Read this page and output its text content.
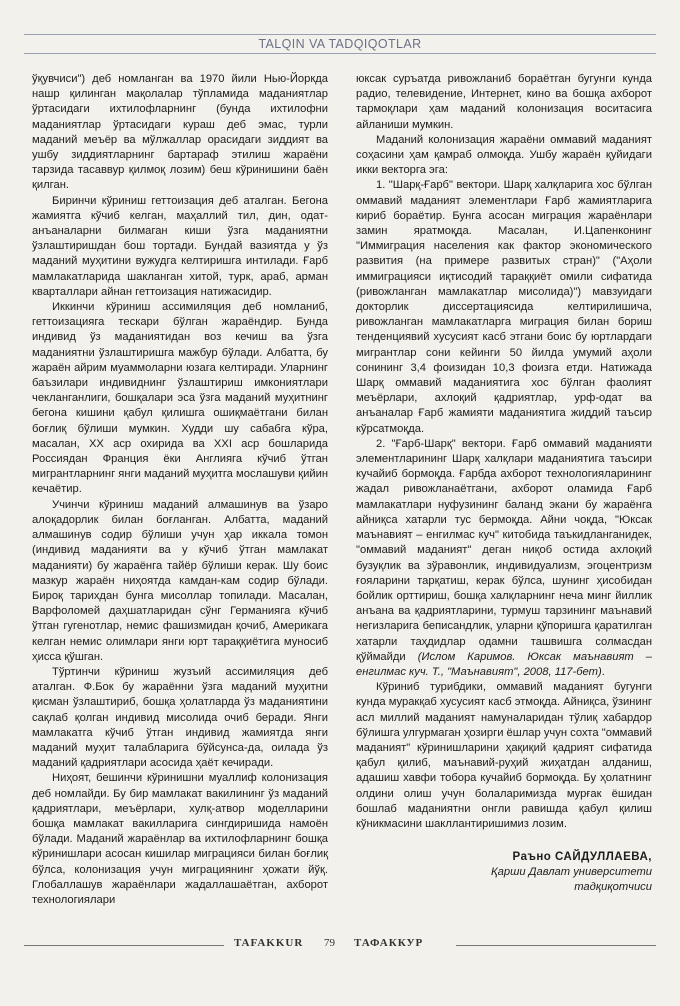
TALQIN VA TADQIQOTLAR

ўқувчиси") деб номланган ва 1970 йили Нью-Йоркда нашр қилинган мақолалар тўпламида маданиятлар ўртасидаги ихтилофларнинг (бунда ихтилофни маданиятлар ўртасидаги кураш деб эмас, турли маданий меъёр ва мўлжаллар орасидаги зиддият ва ушбу зиддиятларнинг бартараф этилиш жараёни тарзида тасаввур қилмоқ лозим) беш кўринишини баён қилган.

Биринчи кўриниш геттоизация деб аталган. Бегона жамиятга кўчиб келган, маҳаллий тил, дин, одат-анъаналарни билмаган киши ўзга маданиятни ўзлаштиришдан бош тортади. Бундай вазиятда у ўз маданий муҳитини вужудга келтиришга интилади. Ғарб мамлакатларида шакланган хитой, турк, араб, арман кварталлари айнан геттоизация натижасидир.

Иккинчи кўриниш ассимиляция деб номланиб, геттоизацияга тескари бўлган жараёндир. Бунда индивид ўз маданиятидан воз кечиш ва ўзга маданиятни ўзлаштиришга мажбур бўлади. Албатта, бу жараён айрим муаммоларни юзага келтиради. Уларнинг баъзилари индивиднинг ўзлаштириш имкониятлари чекланганлиги, бошқалари эса ўзга маданий муҳитнинг бегона кишини қабул қилишга ошиқмаётгани билан боғлиқ бўлиши мумкин. Худди шу сабабга кўра, масалан, XX аср охирида ва XXI аср бошларида Россиядан Франция ёки Англияга кўчиб ўтган мигрантларнинг янги маданий муҳитга мослашуви қийин кечаётир.

Учинчи кўриниш маданий алмашинув ва ўзаро алоқадорлик билан боғланган. Албатта, маданий алмашинув содир бўлиши учун ҳар иккала томон (индивид маданияти ва у кўчиб ўтган мамлакат маданияти) бу жараёнга тайёр бўлиши керак. Шу боис мазкур жараён ниҳоятда камдан-кам содир бўлади. Бироқ тарихдан бунга мисоллар топилади. Масалан, Варфоломей даҳшатларидан сўнг Германияга кўчиб ўтган гугенотлар, немис фашизмидан қочиб, Америкага келган немис олимлари янги юрт тараққиётига муносиб ҳисса қўшган.

Тўртинчи кўриниш жузъий ассимиляция деб аталган. Ф.Бок бу жараённи ўзга маданий муҳитни қисман ўзлаштириб, бошқа ҳолатларда ўз маданиятини сақлаб қолган индивид мисолида очиб беради. Янги мамлакатга кўчиб ўтган индивид жамиятда янги маданий муҳит талабларига бўйсунса-да, оилада ўз маданий қадриятлари асосида ҳаёт кечиради.

Ниҳоят, бешинчи кўринишни муаллиф колонизация деб номлайди. Бу бир мамлакат вакилининг ўз маданий қадриятлари, меъёрлари, хулқ-атвор моделларини бошқа мамлакат вакилларига сингдиришида намоён бўлади. Маданий жараёнлар ва ихтилофларнинг бошқа кўринишлари асосан кишилар миграцияси билан боғлиқ бўлса, колонизация учун миграциянинг ҳожати йўқ. Глобаллашув жараёнлари жадаллашаётган, ахборот технологиялари

юксак суръатда ривожланиб бораётган бугунги кунда радио, телевидение, Интернет, кино ва бошқа ахборот тармоқлари ҳам маданий колонизация воситасига айланиши мумкин.

Маданий колонизация жараёни оммавий маданият соҳасини ҳам қамраб олмоқда. Ушбу жараён қуйидаги икки векторга эга:

1. "Шарқ-Ғарб" вектори. Шарқ халқларига хос бўлган оммавий маданият элементлари Ғарб жамиятларига кириб бораётир. Бунга асосан миграция жараёнлари замин яратмоқда. Масалан, И.Цапенкoнинг "Иммиграция населения как фактор экономического развития (на примере развитых стран)" ("Аҳоли иммиграцияси иқтисодий тараққиёт омили сифатида (ривожланган мамлакатлар мисолида)") мавзуидаги докторлик диссертациясида келтирилишича, ривожланган мамлакатларга миграция билан бориш тенденциявий хусусият касб этгани боис бу юртлардаги мигрантлар сони кейинги 50 йилда умумий аҳоли сонининг 3,4 фоизидан 10,3 фоизга етди. Натижада Шарқ оммавий маданиятига хос бўлган фаолият меъёрлари, ахлоқий қадриятлар, урф-одат ва анъаналар Ғарб жамияти маданиятига жиддий таъсир кўрсатмоқда.

2. "Ғарб-Шарқ" вектори. Ғарб оммавий маданияти элементларининг Шарқ халқлари маданиятига таъсири кучайиб бормоқда. Ғарбда ахборот технологияларининг жадал ривожланаётгани, ахборот оламида Ғарб мамлакатлари нуфузининг баланд экани бу жараёнга айниқса хатарли тус бермоқда. Айни чоқда, "Юксак маънавият – енгилмас куч" китобида таъкидланганидек, "оммавий маданият" деган ниқоб остида ахлоқий бузуқлик ва зўравонлик, индивидуализм, эгоцентризм ғояларини тарқатиш, керак бўлса, шунинг ҳисобидан бойлик орттириш, бошқа халқларнинг неча минг йиллик анъана ва қадриятларини, турмуш тарзининг маънавий негизларига беписандлик, уларни қўпоришга қаратилган хатарли таҳдидлар одамни ташвишга солмасдан қўймайди (Ислом Каримов. Юксак маънавият – енгилмас куч. Т., "Маънавият", 2008, 117-бет).

Кўриниб турибдики, оммавий маданият бугунги кунда муракқаб хусусият касб этмоқда. Айниқса, ўзининг асл миллий маданият намуналаридан тўлиқ хабардор бўлишга улгурмаган ҳозирги ёшлар учун сохта "оммавий маданият" кўринишларини ҳақиқий қадрият сифатида қабул қилиб, маънавий-руҳий жиҳатдан алданиш, адашиш хавфи тобора кучайиб бормоқда. Бу ҳолатнинг олдини олиш учун болаларимизда мурғак ёшидан бошлаб маданиятни онгли равишда қабул қилиш кўникмасини шакллантиришимиз лозим.

Раъно САЙДУЛЛАЕВА,
Қарши Давлат университети
тадқиқотчиси
TAFAKKUR 79 ТАФАККУР
